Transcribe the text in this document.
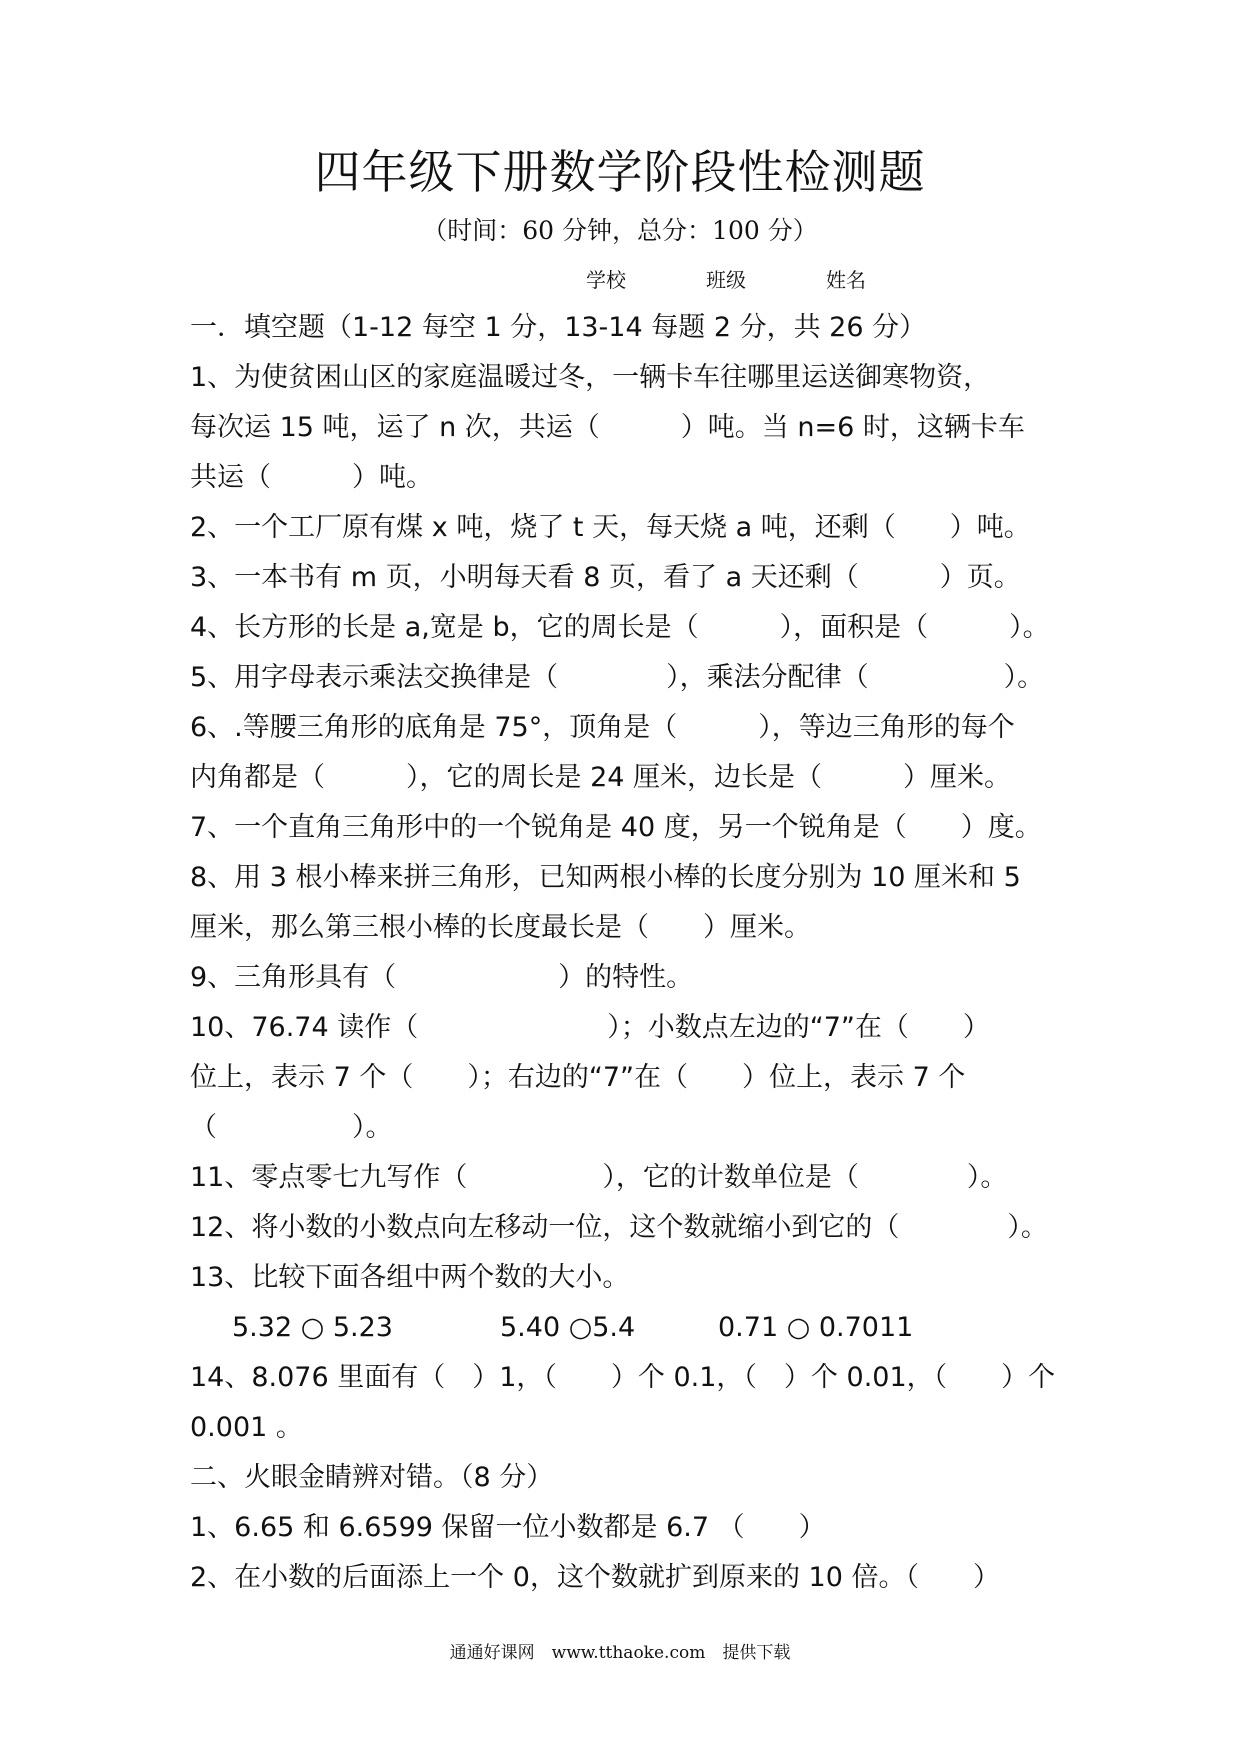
四年级下册数学阶段性检测题
（时间：60 分钟，总分：100 分）
学校	班级	姓名
一．填空题（1-12 每空 1 分，13-14 每题 2 分，共 26 分）
1、为使贫困山区的家庭温暖过冬，一辆卡车往哪里运送御寒物资，
每次运 15 吨，运了 n 次，共运（　　　）吨。当 n=6 时，这辆卡车
共运（　　　）吨。
2、一个工厂原有煤 x 吨，烧了 t 天，每天烧 a 吨，还剩（　　）吨。
3、一本书有 m 页，小明每天看 8 页，看了 a 天还剩（　　　）页。
4、长方形的长是 a,宽是 b，它的周长是（　　　），面积是（　　　）。
5、用字母表示乘法交换律是（　　　　），乘法分配律（　　　　　）。
6、.等腰三角形的底角是 75°，顶角是（　　　），等边三角形的每个
内角都是（　　　），它的周长是 24 厘米，边长是（　　　）厘米。
7、一个直角三角形中的一个锐角是 40 度，另一个锐角是（　　）度。
8、用 3 根小棒来拼三角形，已知两根小棒的长度分别为 10 厘米和 5
厘米，那么第三根小棒的长度最长是（　　）厘米。
9、三角形具有（　　　　　　）的特性。
10、76.74 读作（　　　　　　　）；小数点左边的“7”在（　　）
位上，表示 7 个（　　）；右边的“7”在（　　）位上，表示 7 个
（　　　　　）。
11、零点零七九写作（　　　　　），它的计数单位是（　　　　）。
12、将小数的小数点向左移动一位，这个数就缩小到它的（　　　　）。
13、比较下面各组中两个数的大小。
5.32 ○ 5.23	5.40 ○5.4	0.71 ○ 0.7011
14、8.076 里面有（　）1，（　　）个 0.1，（　）个 0.01，（　　）个
0.001 。
二、火眼金睛辨对错。（8 分）
1、6.65 和 6.6599 保留一位小数都是 6.7 （　　）
2、在小数的后面添上一个 0，这个数就扩到原来的 10 倍。（　　）
通通好课网　www.tthaoke.com　提供下载
